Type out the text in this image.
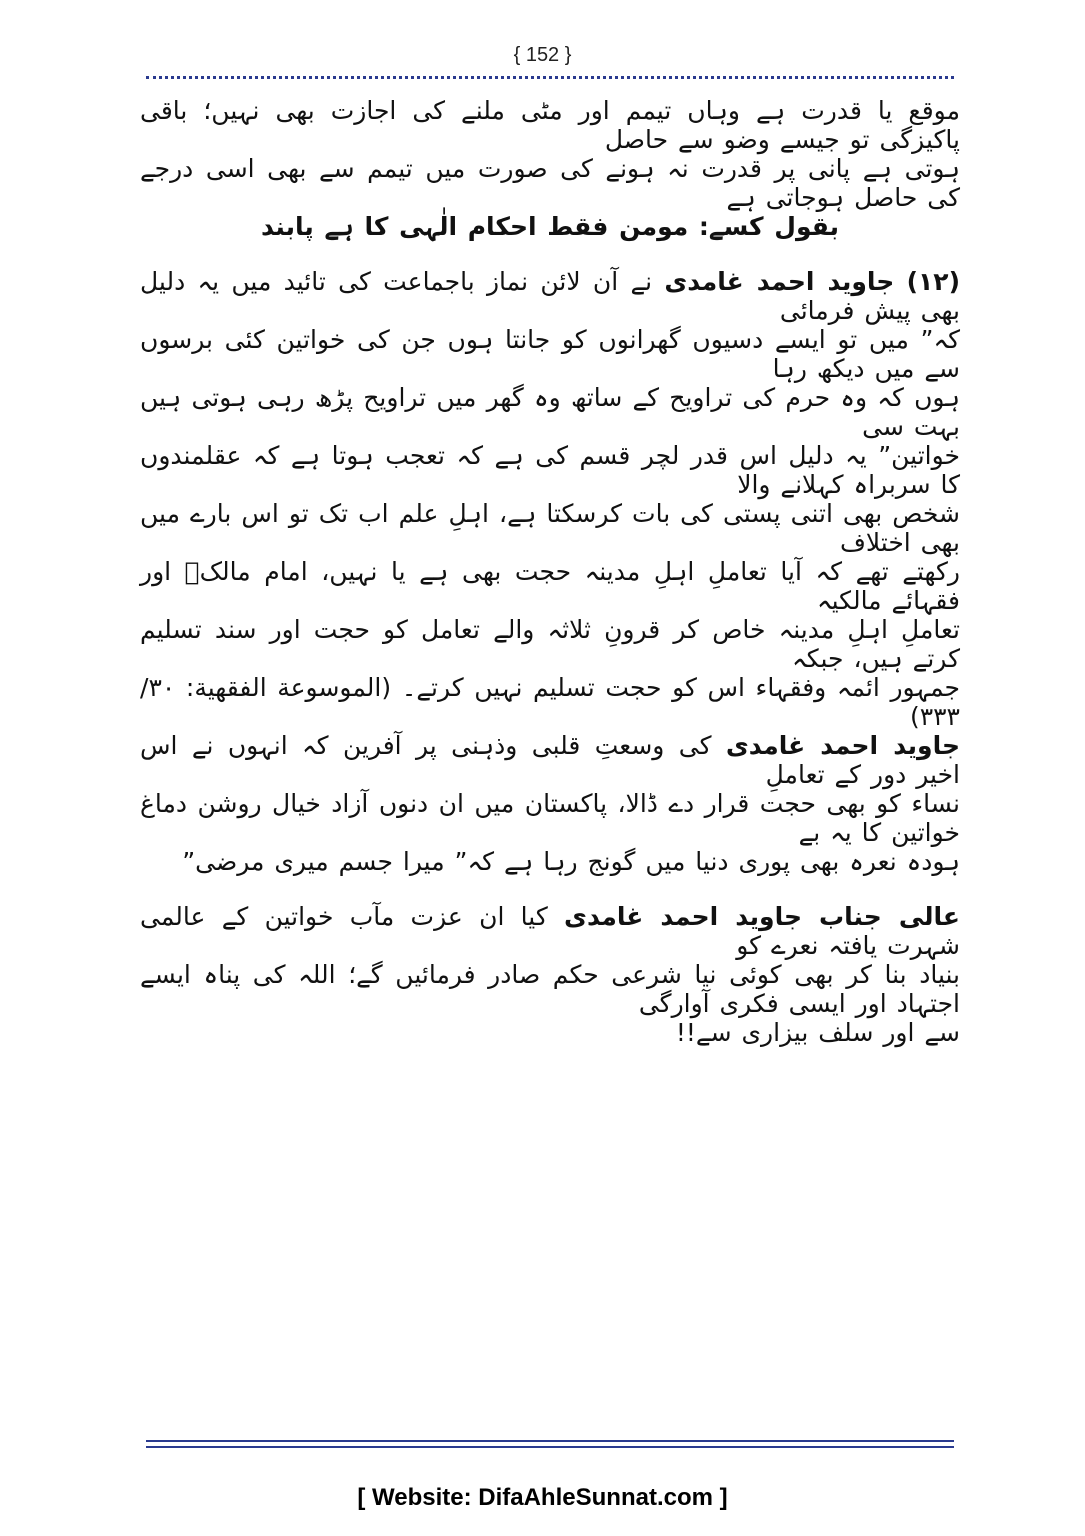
{ 152 }

موقع یا قدرت ہے وہاں تیمم اور مٹی ملنے کی اجازت بھی نہیں؛ باقی پاکیزگی تو جیسے وضو سے حاصل

ہوتی ہے پانی پر قدرت نہ ہونے کی صورت میں تیمم سے بھی اسی درجے کی حاصل ہوجاتی ہے

بقول کسے: مومن فقط احکام الٰہی کا ہے پابند

(۱۲) جاوید احمد غامدی نے آن لائن نماز باجماعت کی تائید میں یہ دلیل بھی پیش فرمائی

کہ” میں تو ایسے دسیوں گھرانوں کو جانتا ہوں جن کی خواتین کئی برسوں سے میں دیکھ رہا

ہوں کہ وہ حرم کی تراویح کے ساتھ وہ گھر میں تراویح پڑھ رہی ہوتی ہیں بہت سی

خواتین” یہ دلیل اس قدر لچر قسم کی ہے کہ تعجب ہوتا ہے کہ عقلمندوں کا سربراہ کہلانے والا

شخص بھی اتنی پستی کی بات کرسکتا ہے، اہلِ علم اب تک تو اس بارے میں بھی اختلاف

رکھتے تھے کہ آیا تعاملِ اہلِ مدینہ حجت بھی ہے یا نہیں، امام مالکؒ اور فقہائے مالکیہ

تعاملِ اہلِ مدینہ خاص کر قرونِ ثلاثہ والے تعامل کو حجت اور سند تسلیم کرتے ہیں، جبکہ

جمہور ائمہ وفقہاء اس کو حجت تسلیم نہیں کرتے۔ (الموسوعة الفقهية: ۳۰/ ۳۳۳)

جاوید احمد غامدی کی وسعتِ قلبی وذہنی پر آفرین کہ انہوں نے اس اخیر دور کے تعاملِ

نساء کو بھی حجت قرار دے ڈالا، پاکستان میں ان دنوں آزاد خیال روشن دماغ خواتین کا یہ بے

ہودہ نعرہ بھی پوری دنیا میں گونج رہا ہے کہ” میرا جسم میری مرضی”

عالی جناب جاوید احمد غامدی کیا ان عزت مآب خواتین کے عالمی شہرت یافتہ نعرے کو

بنیاد بنا کر بھی کوئی نیا شرعی حکم صادر فرمائیں گے؛ اللہ کی پناہ ایسے اجتہاد اور ایسی فکری آوارگی

سے اور سلف بیزاری سے!!

[ Website: DifaAhleSunnat.com ]
